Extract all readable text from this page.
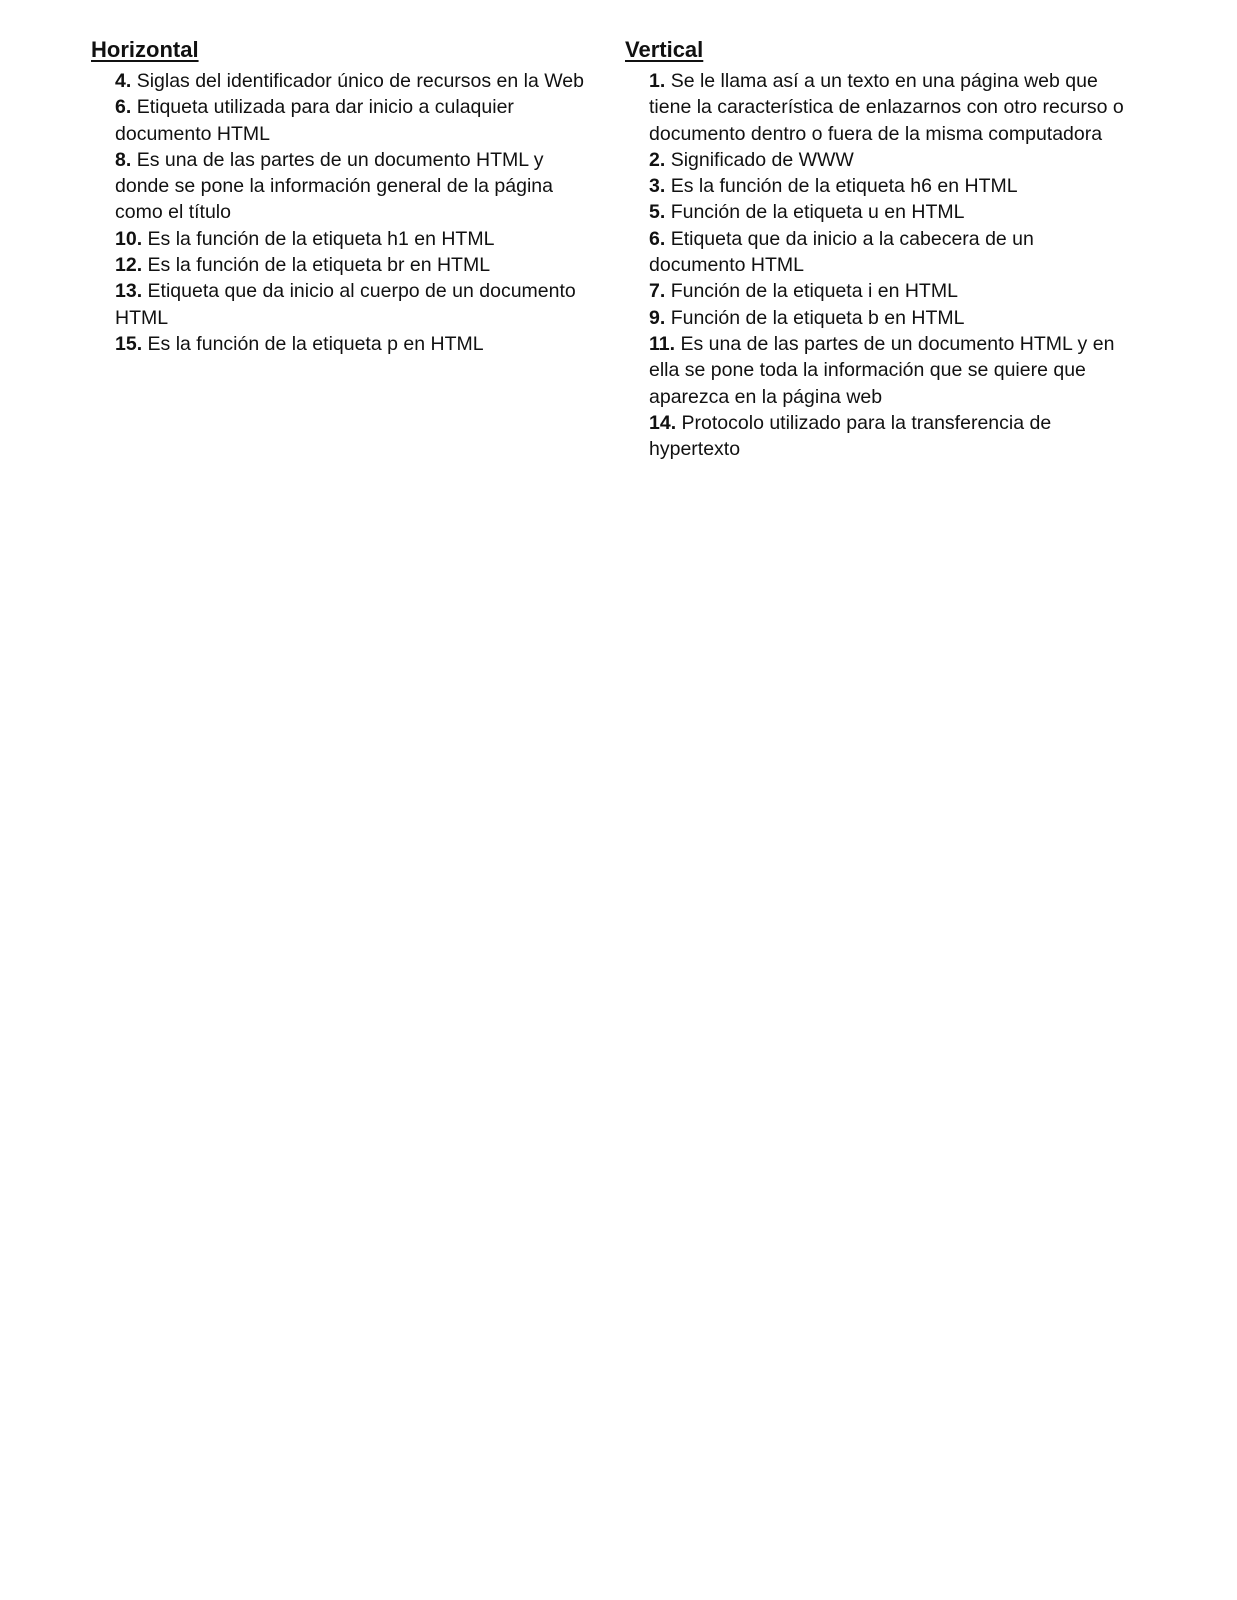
Horizontal
4. Siglas del identificador único de recursos en la Web
6. Etiqueta utilizada para dar inicio a culaquier documento HTML
8. Es una de las partes de un documento HTML y donde se pone la información general de la página como el título
10. Es la función de la etiqueta h1 en HTML
12. Es la función de la etiqueta br en HTML
13. Etiqueta que da inicio al cuerpo de un documento HTML
15. Es la función de la etiqueta p en HTML
Vertical
1. Se le llama así a un texto en una página web que tiene la característica de enlazarnos con otro recurso o documento dentro o fuera de la misma computadora
2. Significado de WWW
3. Es la función de la etiqueta h6 en HTML
5. Función de la etiqueta u en HTML
6. Etiqueta que da inicio a la cabecera de un documento HTML
7. Función de la etiqueta i en HTML
9. Función de la etiqueta b en HTML
11. Es una de las partes de un documento HTML y en ella se pone toda la información que se quiere que aparezca en la página web
14. Protocolo utilizado para la transferencia de hypertexto
